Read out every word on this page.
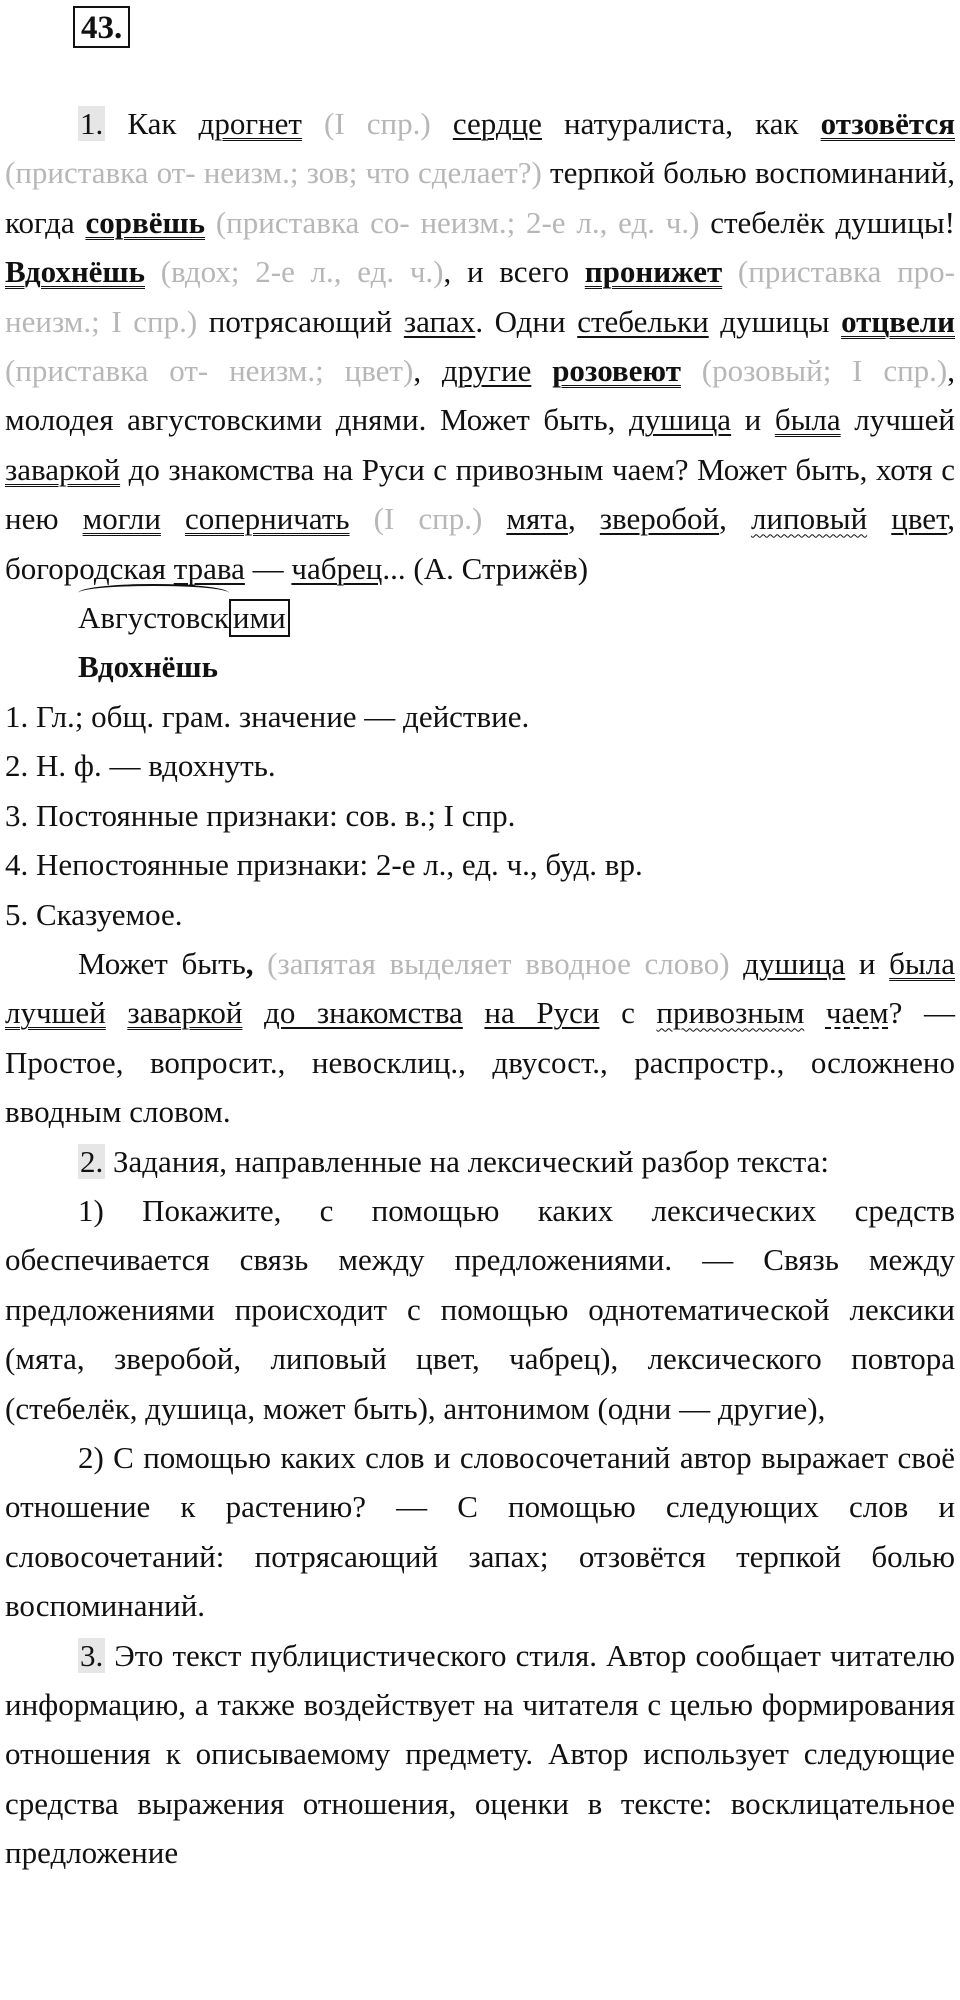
43.

1. Как дрогнет (I спр.) сердце натуралиста, как отзовётся (приставка от- неизм.; зов; что сделает?) терпкой болью воспоминаний, когда сорвёшь (приставка со- неизм.; 2-е л., ед. ч.) стебелёк душицы! Вдохнёшь (вдох; 2-е л., ед. ч.), и всего пронижет (приставка про- неизм.; I спр.) потрясающий запах. Одни стебельки душицы отцвели (приставка от- неизм.; цвет), другие розовеют (розовый; I спр.), молодея августовскими днями. Может быть, душица и была лучшей заваркой до знакомства на Руси с привозным чаем? Может быть, хотя с нею могли соперничать (I спр.) мята, зверобой, липовый цвет, богородская трава — чабрец... (А. Стрижёв)

Августовск ими

Вдохнёшь

1. Гл.; общ. грам. значение — действие.

2. Н. ф. — вдохнуть.

3. Постоянные признаки: сов. в.; I спр.

4. Непостоянные признаки: 2-е л., ед. ч., буд. вр.

5. Сказуемое.

Может быть, (запятая выделяет вводное слово) душица и была лучшей заваркой до знакомства на Руси с привозным чаем? — Простое, вопросит., невосклиц., двусост., распростр., осложнено вводным словом.

2. Задания, направленные на лексический разбор текста:

1) Покажите, с помощью каких лексических средств обеспечивается связь между предложениями. — Связь между предложениями происходит с помощью однотематической лексики (мята, зверобой, липовый цвет, чабрец), лексического повтора (стебелёк, душица, может быть), антонимом (одни — другие),

2) С помощью каких слов и словосочетаний автор выражает своё отношение к растению? — С помощью следующих слов и словосочетаний: потрясающий запах; отзовётся терпкой болью воспоминаний.

3. Это текст публицистического стиля. Автор сообщает читателю информацию, а также воздействует на читателя с целью формирования отношения к описываемому предмету. Автор использует следующие средства выражения отношения, оценки в тексте: восклицательное предложение
